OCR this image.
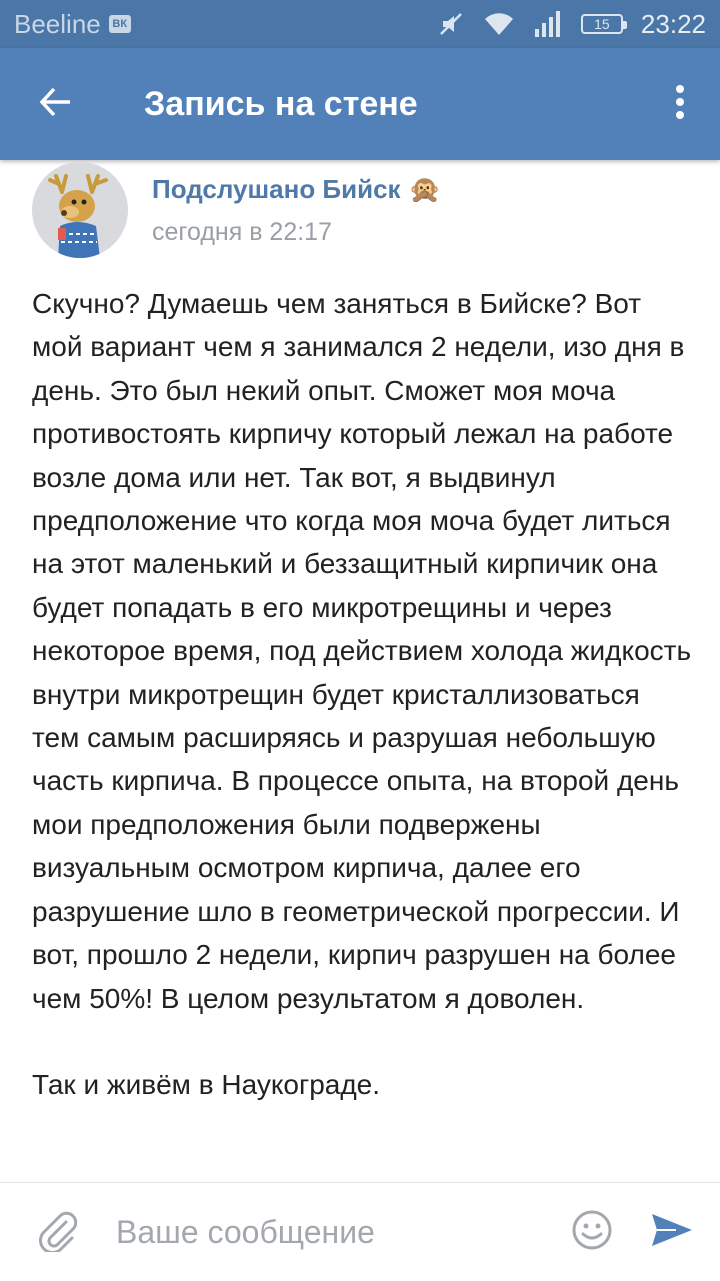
Beeline	ВК	15 23:22
Запись на стене
Подслушано Бийск 🙊
сегодня в 22:17

Скучно? Думаешь чем заняться в Бийске? Вот мой вариант чем я занимался 2 недели, изо дня в день. Это был некий опыт. Сможет моя моча противостоять кирпичу который лежал на работе возле дома или нет. Так вот, я выдвинул предположение что когда моя моча будет литься на этот маленький и беззащитный кирпичик она будет попадать в его микротрещины и через некоторое время, под действием холода жидкость внутри микротрещин будет кристаллизоваться тем самым расширяясь и разрушая небольшую часть кирпича. В процессе опыта, на второй день мои предположения были подвержены визуальным осмотром кирпича, далее его разрушение шло в геометрической прогрессии. И вот, прошло 2 недели, кирпич разрушен на более чем 50%! В целом результатом я доволен.

Так и живём в Наукограде.

Ваше сообщение
